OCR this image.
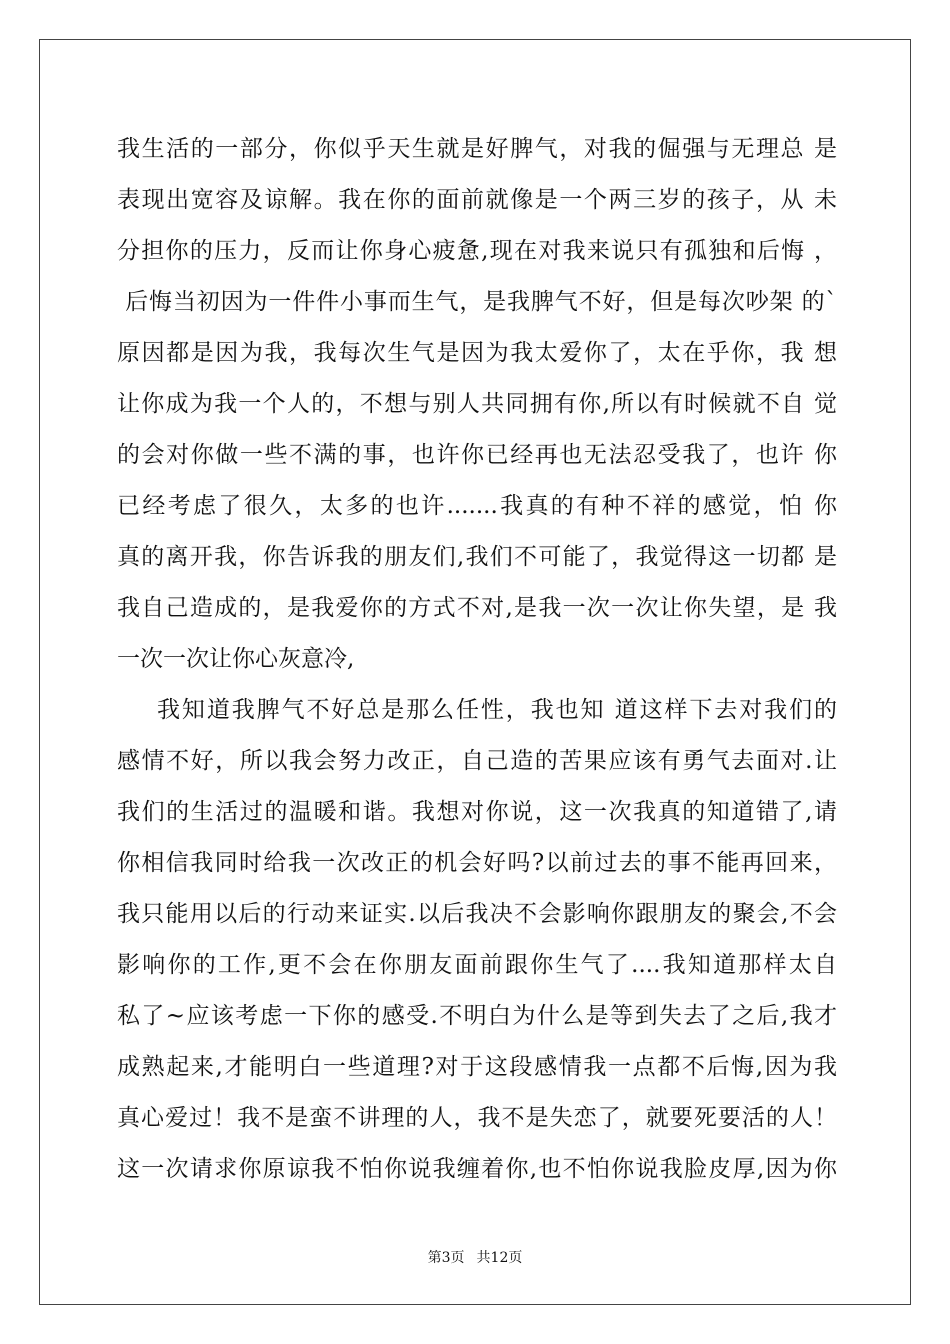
我生活的一部分，你似乎天生就是好脾气，对我的倔强与无理总 是
表现出宽容及谅解。我在你的面前就像是一个两三岁的孩子，从 未
分担你的压力，反而让你身心疲惫,现在对我来说只有孤独和后悔 ，
后悔当初因为一件件小事而生气，是我脾气不好，但是每次吵架 的`
原因都是因为我，我每次生气是因为我太爱你了，太在乎你，我 想
让你成为我一个人的，不想与别人共同拥有你,所以有时候就不自 觉
的会对你做一些不满的事，也许你已经再也无法忍受我了，也许 你
已经考虑了很久，太多的也许.......我真的有种不祥的感觉，怕 你
真的离开我，你告诉我的朋友们,我们不可能了，我觉得这一切都 是
我自己造成的，是我爱你的方式不对,是我一次一次让你失望，是 我
一次一次让你心灰意冷,
我知道我脾气不好总是那么任性，我也知 道这样下去对我们的
感情不好，所以我会努力改正，自己造的苦果应该有勇气去面对.让
我们的生活过的温暖和谐。我想对你说，这一次我真的知道错了,请
你相信我同时给我一次改正的机会好吗?以前过去的事不能再回来，
我只能用以后的行动来证实.以后我决不会影响你跟朋友的聚会,不会
影响你的工作,更不会在你朋友面前跟你生气了....我知道那样太自
私了~应该考虑一下你的感受.不明白为什么是等到失去了之后,我才
成熟起来,才能明白一些道理?对于这段感情我一点都不后悔,因为我
真心爱过！我不是蛮不讲理的人，我不是失恋了，就要死要活的人！
这一次请求你原谅我不怕你说我缠着你,也不怕你说我脸皮厚,因为你
第3页 共12页
